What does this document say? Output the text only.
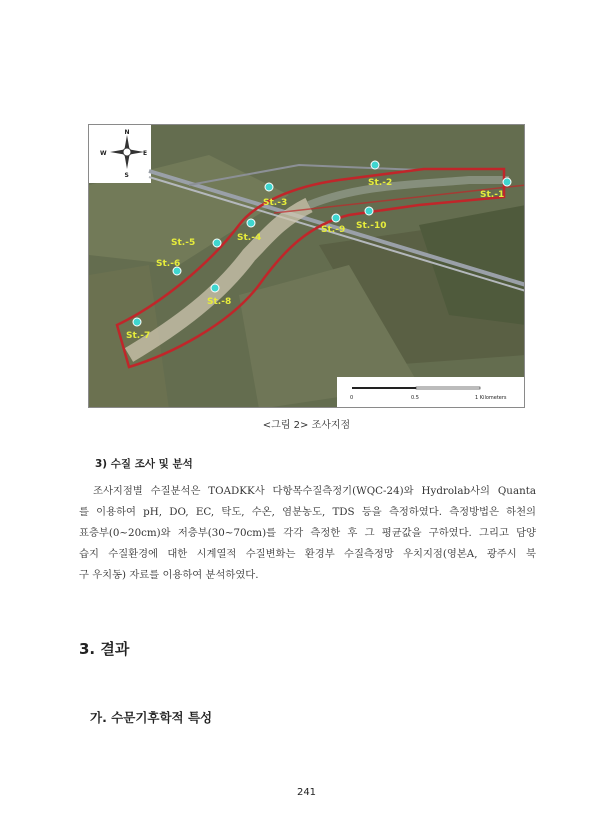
N
E
S
W
St.-1
St.-2
St.-3
St.-4
St.-5
St.-6
St.-7
St.-8
St.-9 St.-10
0	0.5	1 Kilometers
<그림 2> 조사지점
3) 수질 조사 및 분석
조사지점별 수질분석은 TOADKK사 다항목수질측정기(WQC-24)와 Hydrolab사의 Quanta
를 이용하여 pH, DO, EC, 탁도, 수온, 염분농도, TDS 등을 측정하였다. 측정방법은 하천의
표층부(0~20cm)와 저층부(30~70cm)를 각각 측정한 후 그 평균값을 구하였다. 그리고 담양
습지 수질환경에 대한 시계열적 수질변화는 환경부 수질측정망 우치지점(영본A, 광주시 북
구 우치동) 자료를 이용하여 분석하였다.
3. 결과
가. 수문기후학적 특성
241
